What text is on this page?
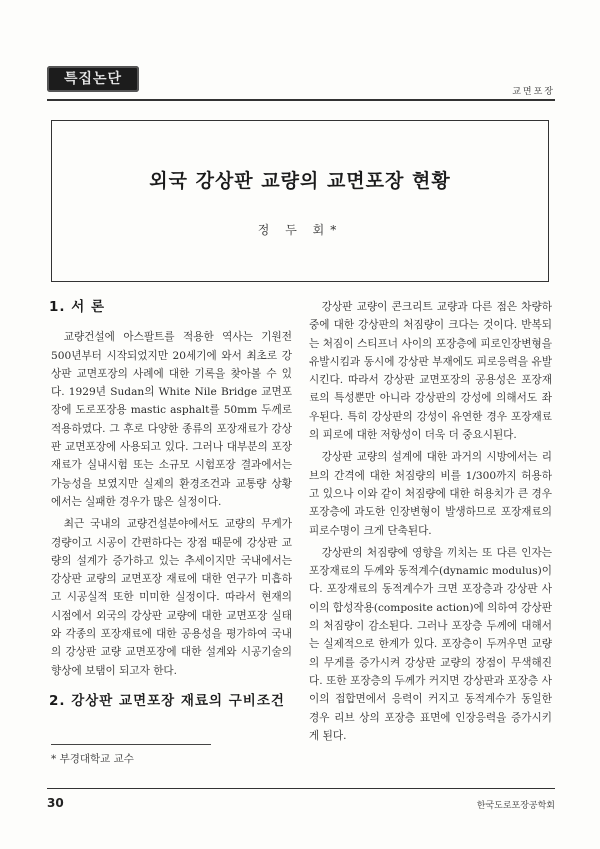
특집논단
교면포장
외국 강상판 교량의 교면포장 현황
정 두 회*
1. 서 론

교량건설에 아스팔트를 적용한 역사는 기원전 500년부터 시작되었지만 20세기에 와서 최초로 강상판 교면포장의 사례에 대한 기록을 찾아볼 수 있다. 1929년 Sudan의 White Nile Bridge 교면포장에 도로포장용 mastic asphalt를 50mm 두께로 적용하였다. 그 후로 다양한 종류의 포장재료가 강상판 교면포장에 사용되고 있다. 그러나 대부분의 포장재료가 실내시험 또는 소규모 시험포장 결과에서는 가능성을 보였지만 실제의 환경조건과 교통량 상황에서는 실패한 경우가 많은 실정이다.

최근 국내의 교량건설분야에서도 교량의 무게가 경량이고 시공이 간편하다는 장점 때문에 강상판 교량의 설계가 증가하고 있는 추세이지만 국내에서는 강상판 교량의 교면포장 재료에 대한 연구가 미흡하고 시공실적 또한 미미한 실정이다. 따라서 현재의 시점에서 외국의 강상판 교량에 대한 교면포장 실태와 각종의 포장재료에 대한 공용성을 평가하여 국내의 강상판 교량 교면포장에 대한 설계와 시공기술의 향상에 보탬이 되고자 한다.

2. 강상판 교면포장 재료의 구비조건

강상판 교량이 콘크리트 교량과 다른 점은 차량하중에 대한 강상판의 처짐량이 크다는 것이다. 반복되는 처짐이 스티프너 사이의 포장층에 피로인장변형을 유발시킴과 동시에 강상판 부재에도 피로응력을 유발시킨다. 따라서 강상판 교면포장의 공용성은 포장재료의 특성뿐만 아니라 강상판의 강성에 의해서도 좌우된다. 특히 강상판의 강성이 유연한 경우 포장재료의 피로에 대한 저항성이 더욱 더 중요시된다.

강상판 교량의 설계에 대한 과거의 시방에서는 리브의 간격에 대한 처짐량의 비를 1/300까지 허용하고 있으나 이와 같이 처짐량에 대한 허용치가 큰 경우 포장층에 과도한 인장변형이 발생하므로 포장재료의 피로수명이 크게 단축된다.

강상판의 처짐량에 영향을 끼치는 또 다른 인자는 포장재료의 두께와 동적계수(dynamic modulus)이다. 포장재료의 동적계수가 크면 포장층과 강상판 사이의 합성작용(composite action)에 의하여 강상판의 처짐량이 감소된다. 그러나 포장층 두께에 대해서는 실제적으로 한계가 있다. 포장층이 두꺼우면 교량의 무게를 증가시켜 강상판 교량의 장점이 무색해진다. 또한 포장층의 두께가 커지면 강상판과 포장층 사이의 접합면에서 응력이 커지고 동적계수가 동일한 경우 리브 상의 포장층 표면에 인장응력을 증가시키게 된다.

* 부경대학교 교수
30	한국도로포장공학회
